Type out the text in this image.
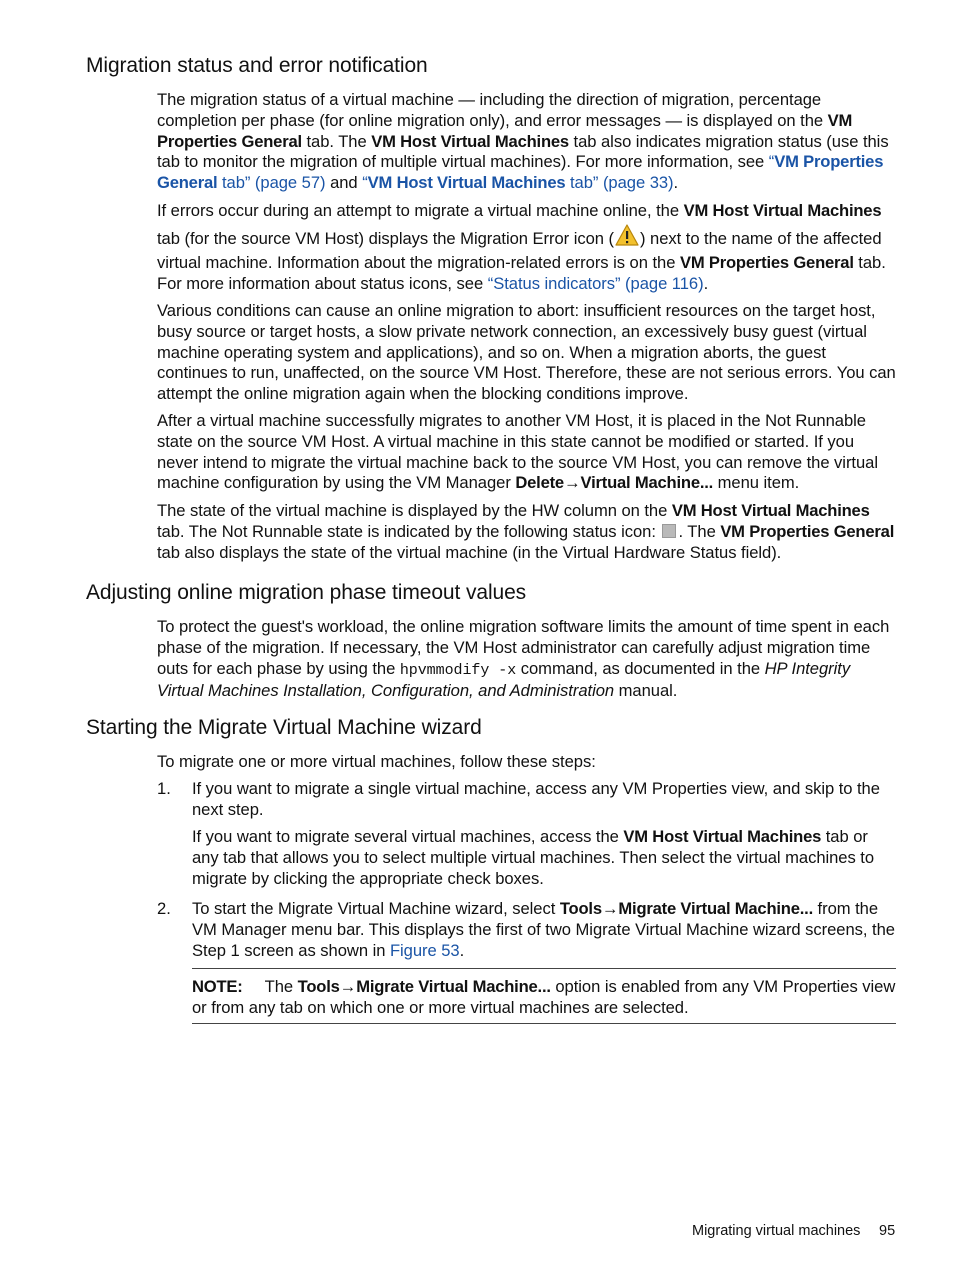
Migration status and error notification

The migration status of a virtual machine — including the direction of migration, percentage completion per phase (for online migration only), and error messages — is displayed on the VM Properties General tab. The VM Host Virtual Machines tab also indicates migration status (use this tab to monitor the migration of multiple virtual machines). For more information, see “VM Properties General tab” (page 57) and “VM Host Virtual Machines tab” (page 33).

If errors occur during an attempt to migrate a virtual machine online, the VM Host Virtual Machines
tab (for the source VM Host) displays the Migration Error icon ( ) next to the name of the affected virtual machine. Information about the migration-related errors is on the VM Properties General tab. For more information about status icons, see “Status indicators” (page 116).

Various conditions can cause an online migration to abort: insufficient resources on the target host, busy source or target hosts, a slow private network connection, an excessively busy guest (virtual machine operating system and applications), and so on. When a migration aborts, the guest continues to run, unaffected, on the source VM Host. Therefore, these are not serious errors. You can attempt the online migration again when the blocking conditions improve.

After a virtual machine successfully migrates to another VM Host, it is placed in the Not Runnable state on the source VM Host. A virtual machine in this state cannot be modified or started. If you never intend to migrate the virtual machine back to the source VM Host, you can remove the virtual machine configuration by using the VM Manager Delete→Virtual Machine... menu item.

The state of the virtual machine is displayed by the HW column on the VM Host Virtual Machines tab. The Not Runnable state is indicated by the following status icon: . The VM Properties General tab also displays the state of the virtual machine (in the Virtual Hardware Status field).

Adjusting online migration phase timeout values

To protect the guest's workload, the online migration software limits the amount of time spent in each phase of the migration. If necessary, the VM Host administrator can carefully adjust migration time outs for each phase by using the hpvmmodify -x command, as documented in the HP Integrity Virtual Machines Installation, Configuration, and Administration manual.

Starting the Migrate Virtual Machine wizard

To migrate one or more virtual machines, follow these steps:

1. If you want to migrate a single virtual machine, access any VM Properties view, and skip to the next step.

If you want to migrate several virtual machines, access the VM Host Virtual Machines tab or any tab that allows you to select multiple virtual machines. Then select the virtual machines to migrate by clicking the appropriate check boxes.

2. To start the Migrate Virtual Machine wizard, select Tools→Migrate Virtual Machine... from the VM Manager menu bar. This displays the first of two Migrate Virtual Machine wizard screens, the Step 1 screen as shown in Figure 53.

NOTE: The Tools→Migrate Virtual Machine... option is enabled from any VM Properties view or from any tab on which one or more virtual machines are selected.

Migrating virtual machines 95
